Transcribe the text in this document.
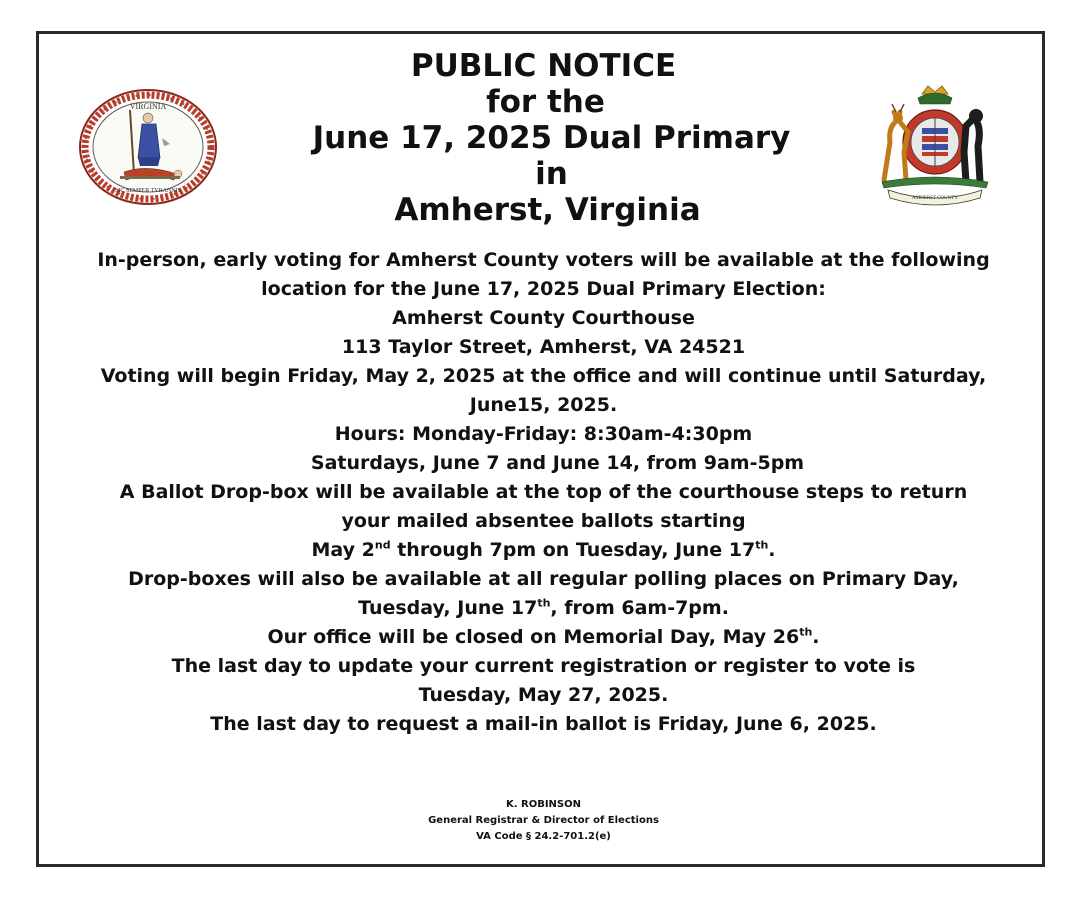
VIRGINIA
SIC SEMPER TYRANNIS
AMHERST COUNTY
PUBLIC NOTICE
for the
June 17, 2025 Dual Primary
in
Amherst, Virginia
In-person, early voting for Amherst County voters will be available at the following
location for the June 17, 2025 Dual Primary Election:
Amherst County Courthouse
113 Taylor Street, Amherst, VA 24521
Voting will begin Friday, May 2, 2025 at the office and will continue until Saturday,
June15, 2025.
Hours: Monday-Friday: 8:30am-4:30pm
Saturdays, June 7 and June 14, from 9am-5pm
A Ballot Drop-box will be available at the top of the courthouse steps to return
your mailed absentee ballots starting
May 2nd through 7pm on Tuesday, June 17th.
Drop-boxes will also be available at all regular polling places on Primary Day,
Tuesday, June 17th, from 6am-7pm.
Our office will be closed on Memorial Day, May 26th.
The last day to update your current registration or register to vote is
Tuesday, May 27, 2025.
The last day to request a mail-in ballot is Friday, June 6, 2025.
K. ROBINSON
General Registrar & Director of Elections
VA Code § 24.2-701.2(e)
